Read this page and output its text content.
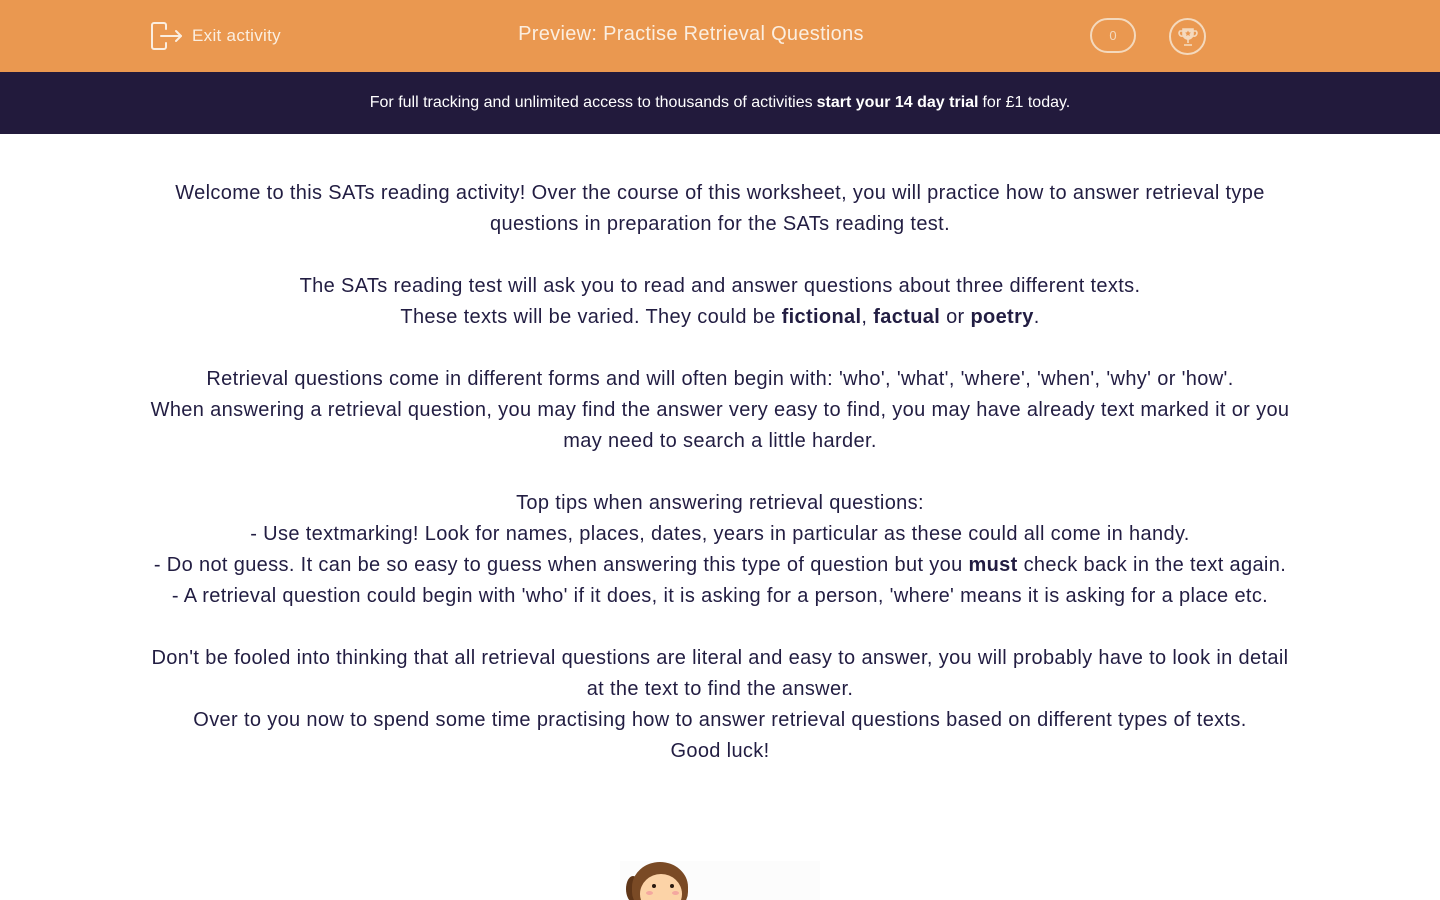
Exit activity	Preview: Practise Retrieval Questions	0
For full tracking and unlimited access to thousands of activities start your 14 day trial for £1 today.

Welcome to this SATs reading activity! Over the course of this worksheet, you will practice how to answer retrieval type questions in preparation for the SATs reading test.

The SATs reading test will ask you to read and answer questions about three different texts.
These texts will be varied. They could be fictional, factual or poetry.

Retrieval questions come in different forms and will often begin with: 'who', 'what', 'where', 'when', 'why' or 'how'.
When answering a retrieval question, you may find the answer very easy to find, you may have already text marked it or you may need to search a little harder.

Top tips when answering retrieval questions:
- Use textmarking! Look for names, places, dates, years in particular as these could all come in handy.
- Do not guess. It can be so easy to guess when answering this type of question but you must check back in the text again.
- A retrieval question could begin with 'who' if it does, it is asking for a person, 'where' means it is asking for a place etc.

Don't be fooled into thinking that all retrieval questions are literal and easy to answer, you will probably have to look in detail at the text to find the answer.
Over to you now to spend some time practising how to answer retrieval questions based on different types of texts.
Good luck!
